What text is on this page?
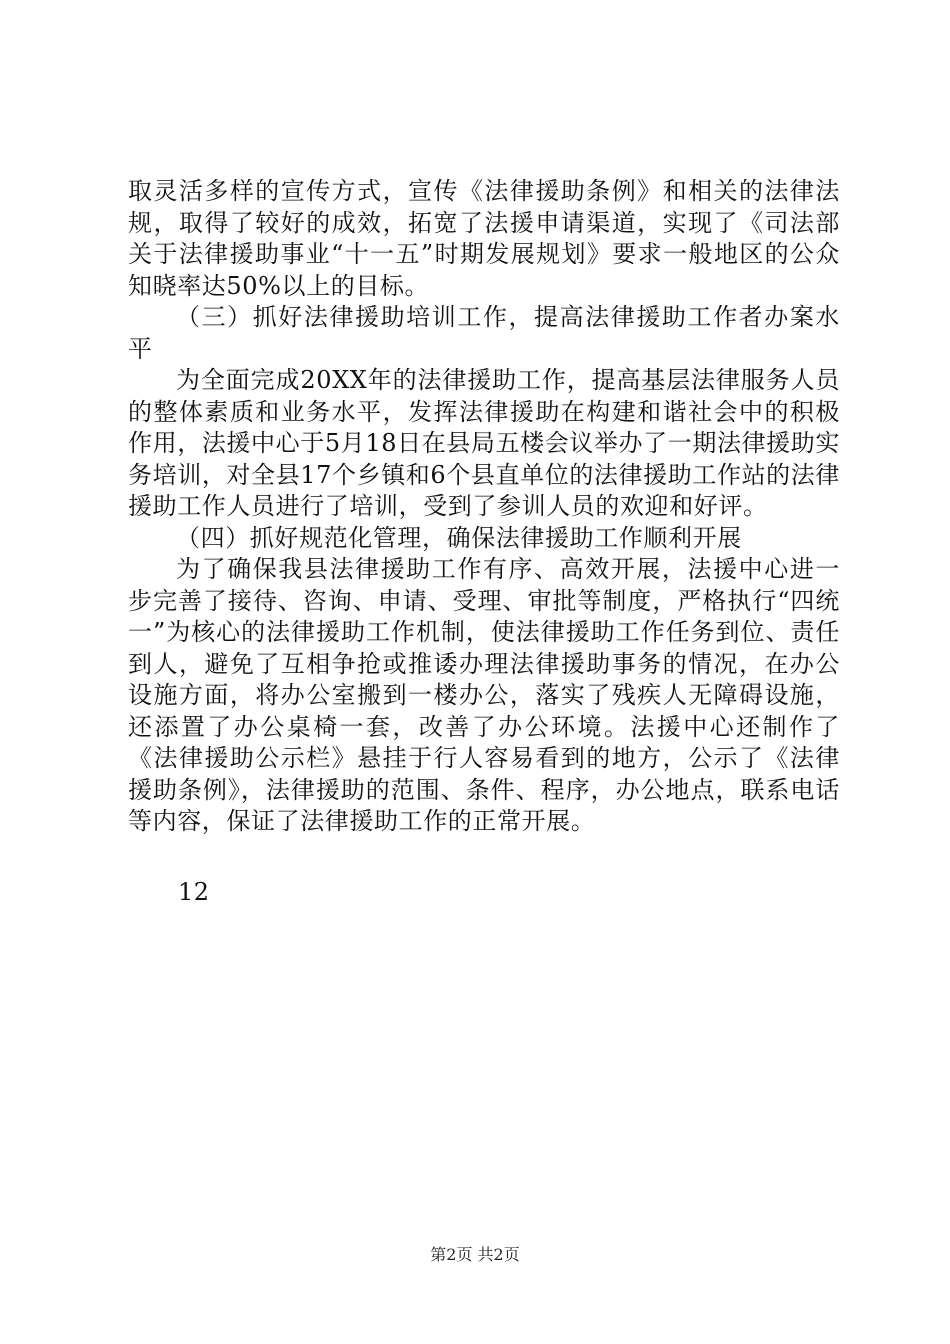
取灵活多样的宣传方式，宣传《法律援助条例》和相关的法律法规，取得了较好的成效，拓宽了法援申请渠道，实现了《司法部关于法律援助事业“十一五”时期发展规划》要求一般地区的公众知晓率达50%以上的目标。

（三）抓好法律援助培训工作，提高法律援助工作者办案水平

为全面完成20XX年的法律援助工作，提高基层法律服务人员的整体素质和业务水平，发挥法律援助在构建和谐社会中的积极作用，法援中心于5月18日在县局五楼会议举办了一期法律援助实务培训，对全县17个乡镇和6个县直单位的法律援助工作站的法律援助工作人员进行了培训，受到了参训人员的欢迎和好评。

（四）抓好规范化管理，确保法律援助工作顺利开展

为了确保我县法律援助工作有序、高效开展，法援中心进一步完善了接待、咨询、申请、受理、审批等制度，严格执行“四统一”为核心的法律援助工作机制，使法律援助工作任务到位、责任到人，避免了互相争抢或推诿办理法律援助事务的情况，在办公设施方面，将办公室搬到一楼办公，落实了残疾人无障碍设施，还添置了办公桌椅一套，改善了办公环境。法援中心还制作了《法律援助公示栏》悬挂于行人容易看到的地方，公示了《法律援助条例》，法律援助的范围、条件、程序，办公地点，联系电话等内容，保证了法律援助工作的正常开展。

12
第2页 共2页
